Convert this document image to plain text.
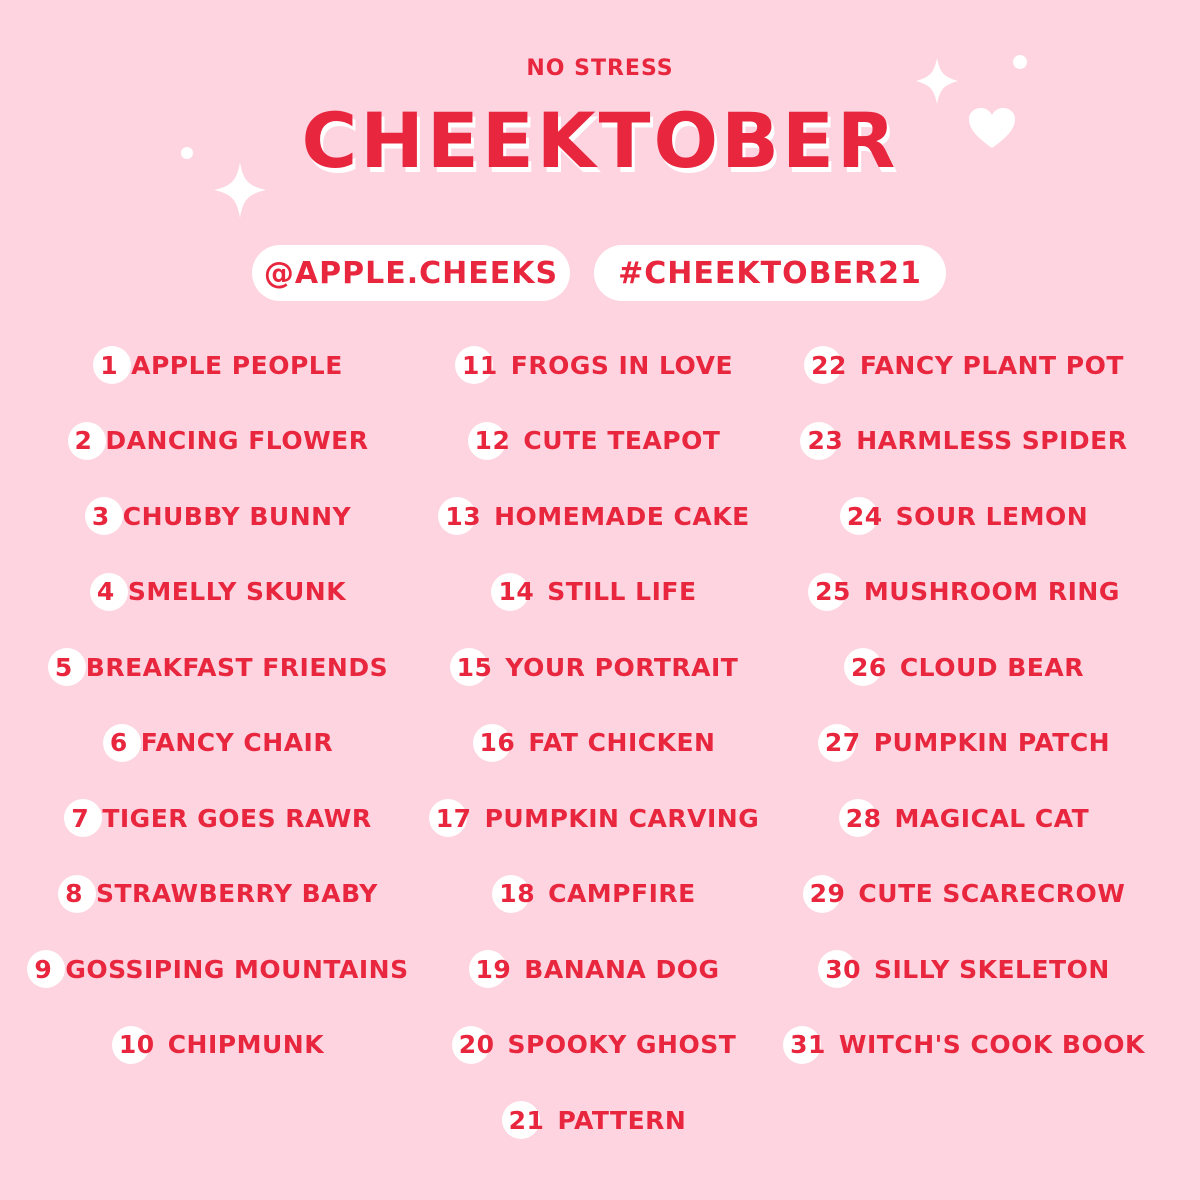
NO STRESS
CHEEKTOBER
@APPLE.CHEEKS	#CHEEKTOBER21
1 APPLE PEOPLE
2 DANCING FLOWER
3 CHUBBY BUNNY
4 SMELLY SKUNK
5 BREAKFAST FRIENDS
6 FANCY CHAIR
7 TIGER GOES RAWR
8 STRAWBERRY BABY
9 GOSSIPING MOUNTAINS
10 CHIPMUNK
11 FROGS IN LOVE
12 CUTE TEAPOT
13 HOMEMADE CAKE
14 STILL LIFE
15 YOUR PORTRAIT
16 FAT CHICKEN
17 PUMPKIN CARVING
18 CAMPFIRE
19 BANANA DOG
20 SPOOKY GHOST
21 PATTERN
22 FANCY PLANT POT
23 HARMLESS SPIDER
24 SOUR LEMON
25 MUSHROOM RING
26 CLOUD BEAR
27 PUMPKIN PATCH
28 MAGICAL CAT
29 CUTE SCARECROW
30 SILLY SKELETON
31 WITCH'S COOK BOOK
